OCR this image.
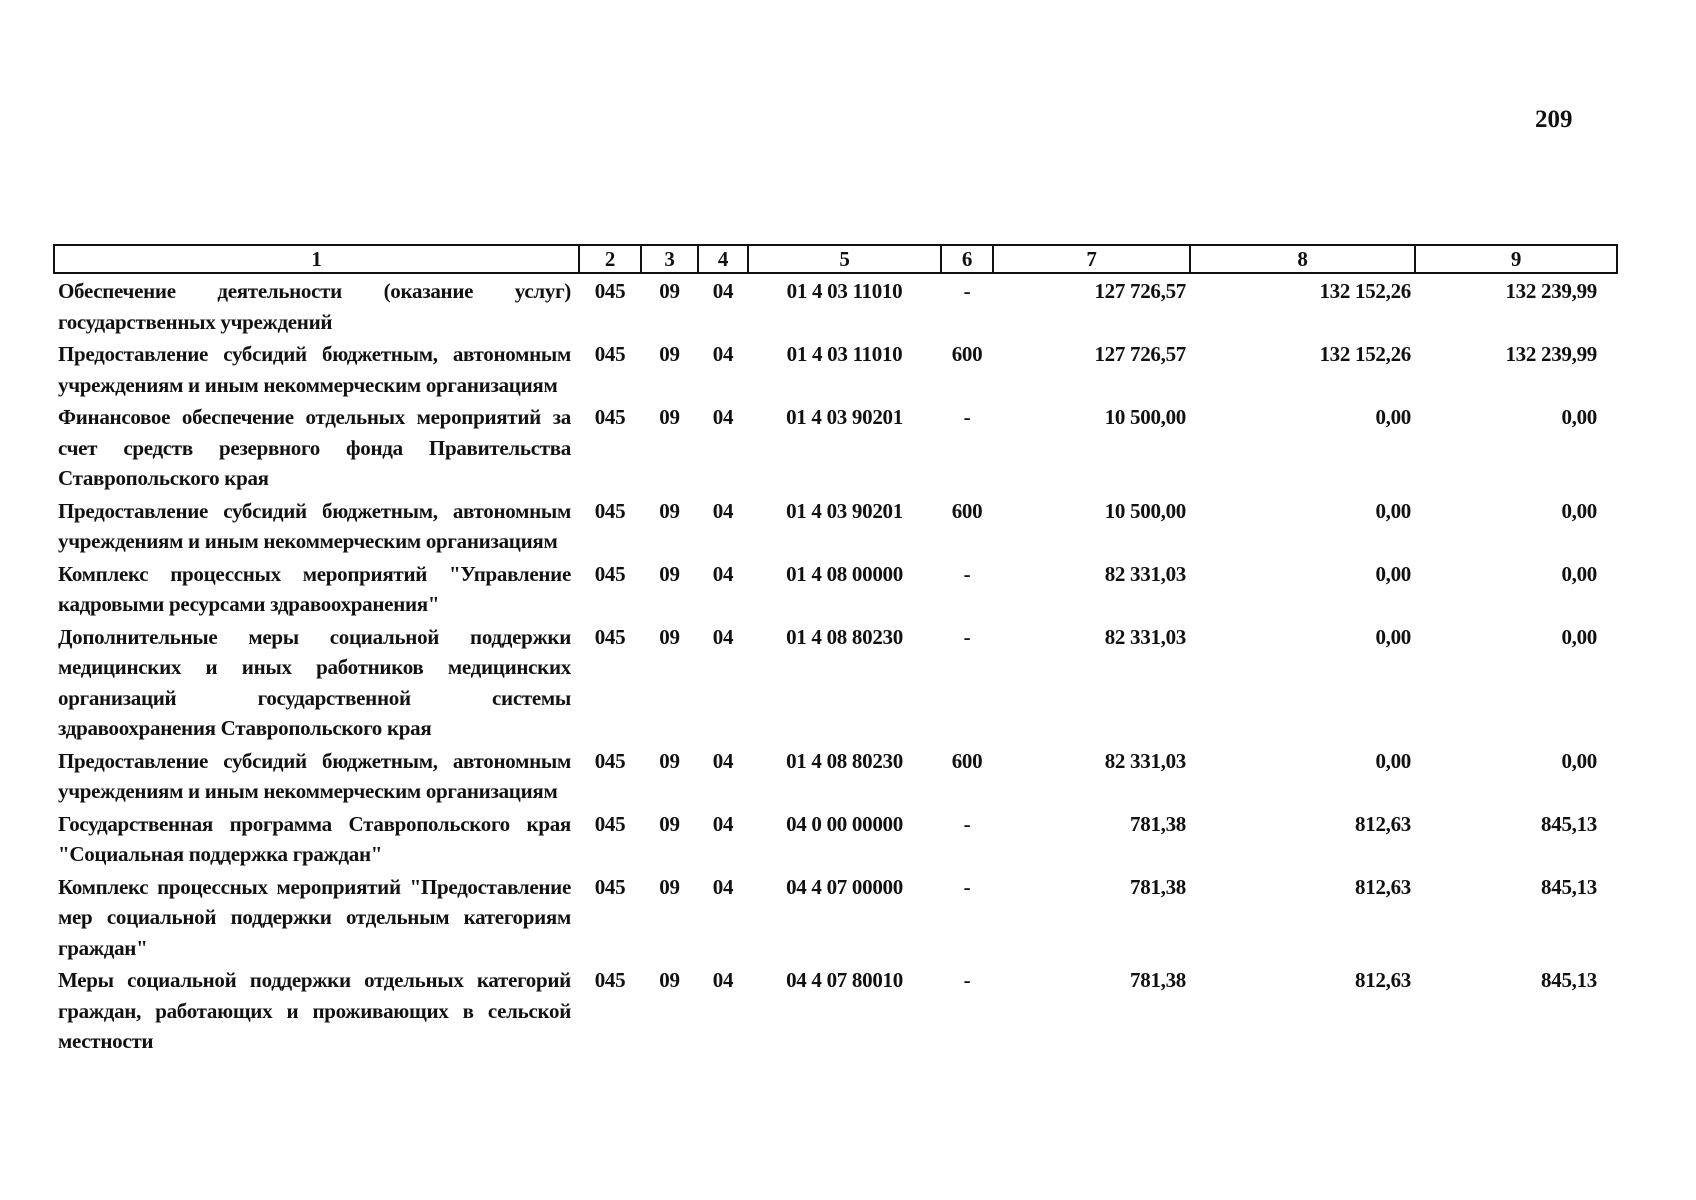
209
1	2	3	4	5	6	7	8	9
Обеспечение деятельности (оказание услуг) государственных учреждений	045	09	04	01 4 03 11010	-	127 726,57	132 152,26	132 239,99
Предоставление субсидий бюджетным, автономным учреждениям и иным некоммерческим организациям	045	09	04	01 4 03 11010	600	127 726,57	132 152,26	132 239,99
Финансовое обеспечение отдельных мероприятий за счет средств резервного фонда Правительства Ставропольского края	045	09	04	01 4 03 90201	-	10 500,00	0,00	0,00
Предоставление субсидий бюджетным, автономным учреждениям и иным некоммерческим организациям	045	09	04	01 4 03 90201	600	10 500,00	0,00	0,00
Комплекс процессных мероприятий "Управление кадровыми ресурсами здравоохранения"	045	09	04	01 4 08 00000	-	82 331,03	0,00	0,00
Дополнительные меры социальной поддержки медицинских и иных работников медицинских организаций государственной системы здравоохранения Ставропольского края	045	09	04	01 4 08 80230	-	82 331,03	0,00	0,00
Предоставление субсидий бюджетным, автономным учреждениям и иным некоммерческим организациям	045	09	04	01 4 08 80230	600	82 331,03	0,00	0,00
Государственная программа Ставропольского края "Социальная поддержка граждан"	045	09	04	04 0 00 00000	-	781,38	812,63	845,13
Комплекс процессных мероприятий "Предоставление мер социальной поддержки отдельным категориям граждан"	045	09	04	04 4 07 00000	-	781,38	812,63	845,13
Меры социальной поддержки отдельных категорий граждан, работающих и проживающих в сельской местности	045	09	04	04 4 07 80010	-	781,38	812,63	845,13
